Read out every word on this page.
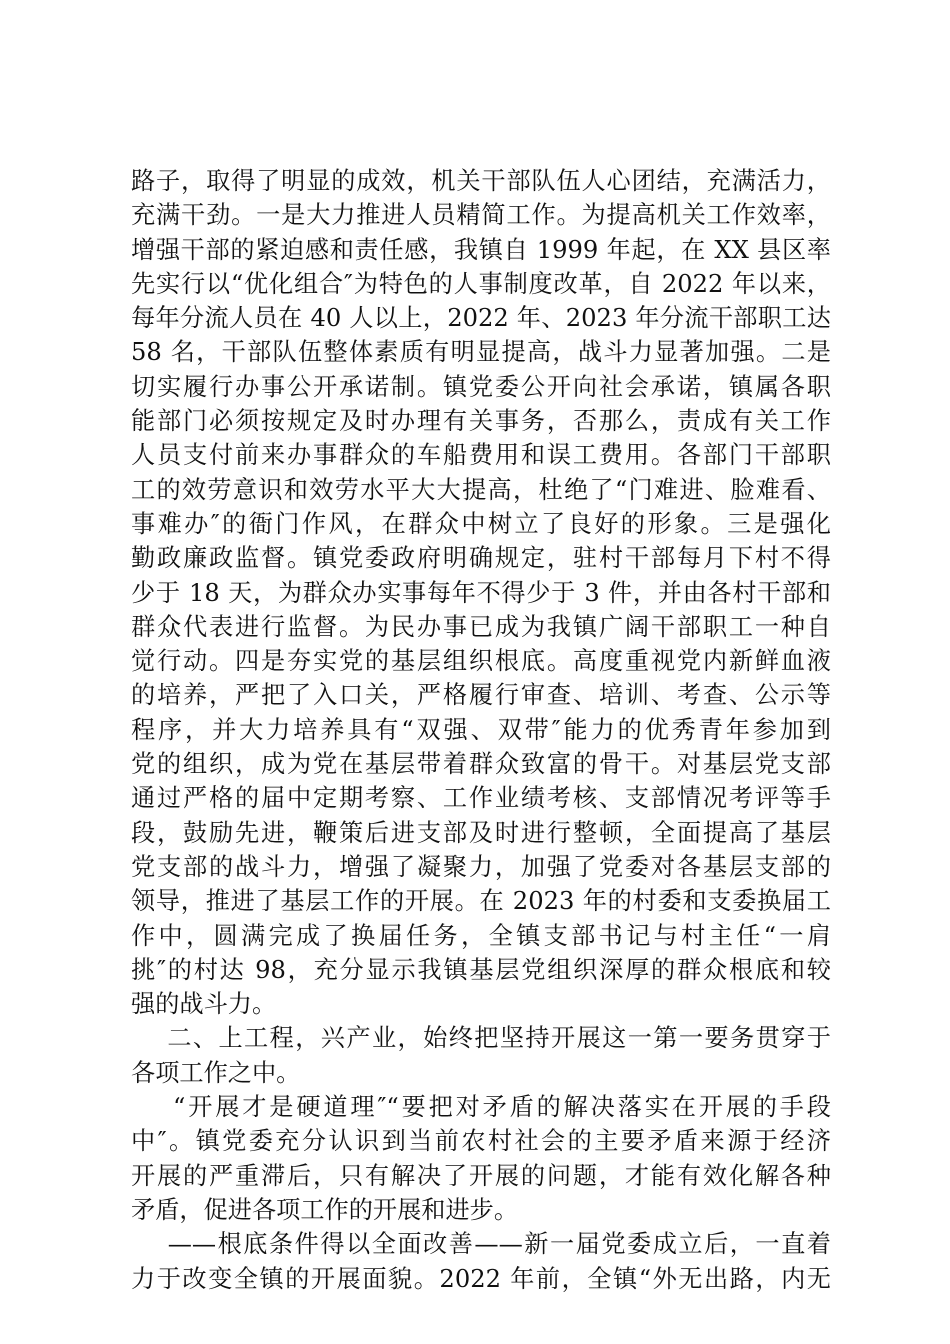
路子，取得了明显的成效，机关干部队伍人心团结，充满活力，
充满干劲。一是大力推进人员精简工作。为提高机关工作效率，
增强干部的紧迫感和责任感，我镇自 1999 年起，在 XX 县区率
先实行以“优化组合″为特色的人事制度改革，自 2022 年以来，
每年分流人员在 40 人以上，2022 年、2023 年分流干部职工达
58 名，干部队伍整体素质有明显提高，战斗力显著加强。二是
切实履行办事公开承诺制。镇党委公开向社会承诺，镇属各职
能部门必须按规定及时办理有关事务，否那么，责成有关工作
人员支付前来办事群众的车船费用和误工费用。各部门干部职
工的效劳意识和效劳水平大大提高，杜绝了“门难进、脸难看、
事难办″的衙门作风，在群众中树立了良好的形象。三是强化
勤政廉政监督。镇党委政府明确规定，驻村干部每月下村不得
少于 18 天，为群众办实事每年不得少于 3 件，并由各村干部和
群众代表进行监督。为民办事已成为我镇广阔干部职工一种自
觉行动。四是夯实党的基层组织根底。高度重视党内新鲜血液
的培养，严把了入口关，严格履行审查、培训、考查、公示等
程序，并大力培养具有“双强、双带″能力的优秀青年参加到
党的组织，成为党在基层带着群众致富的骨干。对基层党支部
通过严格的届中定期考察、工作业绩考核、支部情况考评等手
段，鼓励先进，鞭策后进支部及时进行整顿，全面提高了基层
党支部的战斗力，增强了凝聚力，加强了党委对各基层支部的
领导，推进了基层工作的开展。在 2023 年的村委和支委换届工
作中，圆满完成了换届任务，全镇支部书记与村主任“一肩
挑″的村达 98，充分显示我镇基层党组织深厚的群众根底和较
强的战斗力。
二、上工程，兴产业，始终把坚持开展这一第一要务贯穿于
各项工作之中。
“开展才是硬道理″“要把对矛盾的解决落实在开展的手段
中″。镇党委充分认识到当前农村社会的主要矛盾来源于经济
开展的严重滞后，只有解决了开展的问题，才能有效化解各种
矛盾，促进各项工作的开展和进步。
——根底条件得以全面改善——新一届党委成立后，一直着
力于改变全镇的开展面貌。2022 年前，全镇“外无出路，内无
